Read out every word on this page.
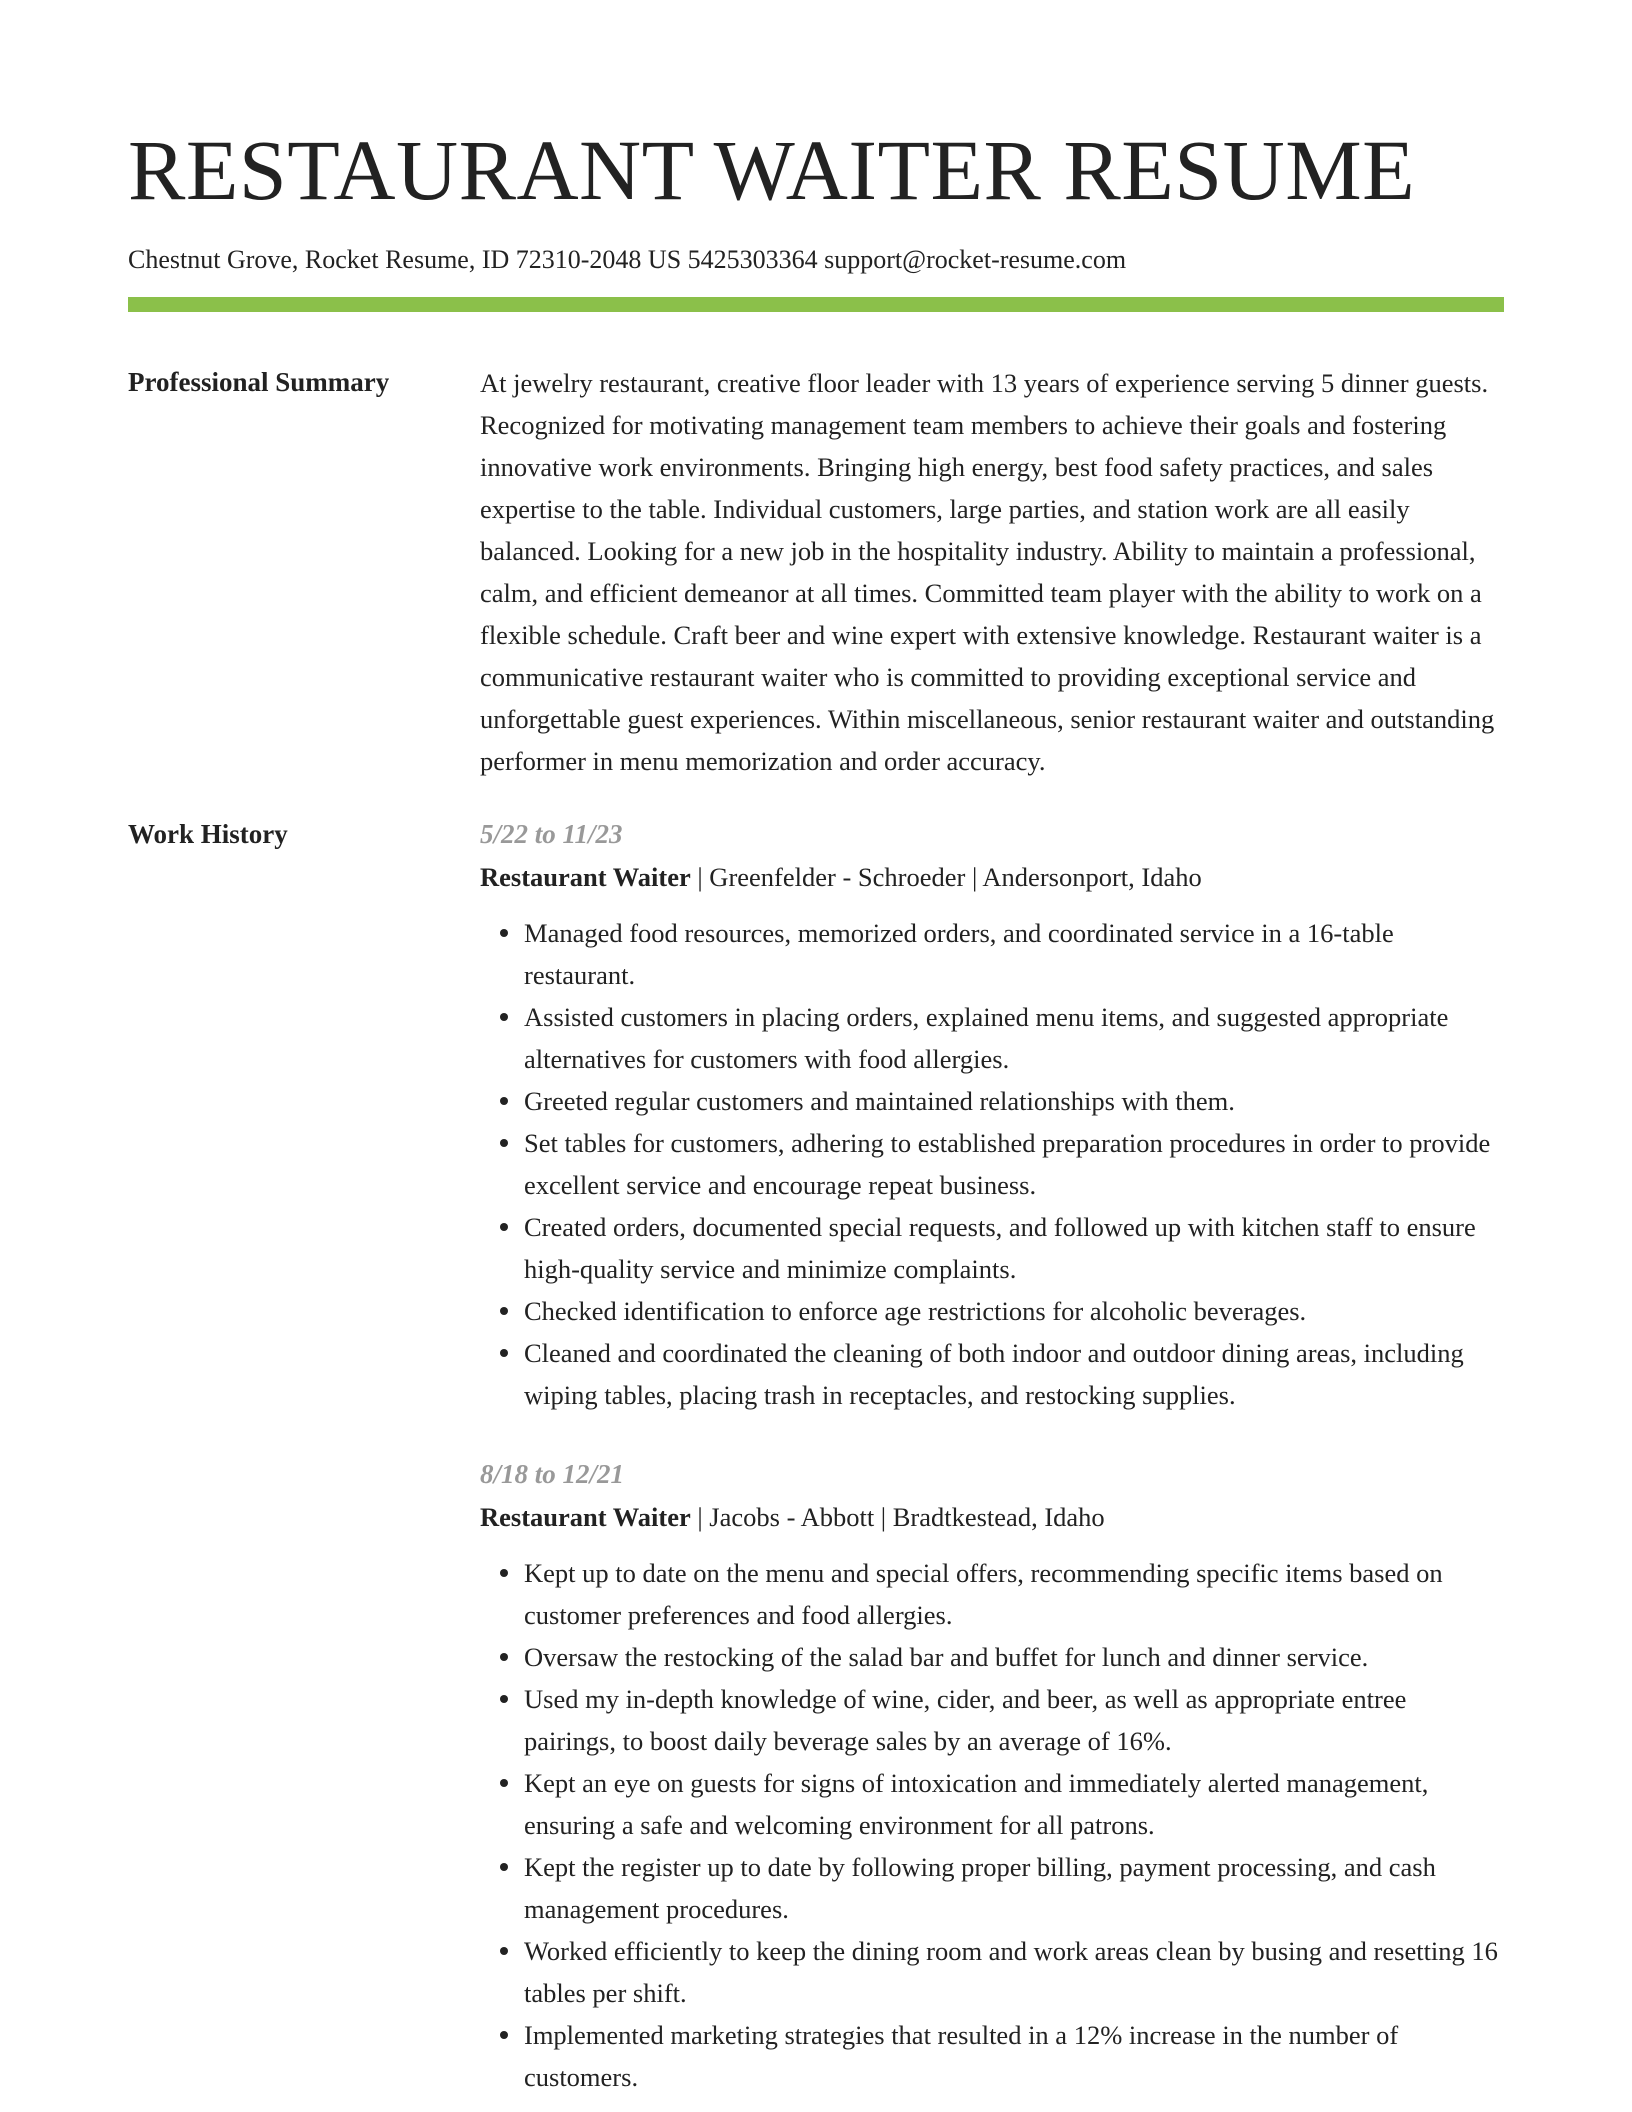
RESTAURANT WAITER RESUME
Chestnut Grove, Rocket Resume, ID 72310-2048 US 5425303364 support@rocket-resume.com
Professional Summary	At jewelry restaurant, creative floor leader with 13 years of experience serving 5 dinner guests. Recognized for motivating management team members to achieve their goals and fostering innovative work environments. Bringing high energy, best food safety practices, and sales expertise to the table. Individual customers, large parties, and station work are all easily balanced. Looking for a new job in the hospitality industry. Ability to maintain a professional, calm, and efficient demeanor at all times. Committed team player with the ability to work on a flexible schedule. Craft beer and wine expert with extensive knowledge. Restaurant waiter is a communicative restaurant waiter who is committed to providing exceptional service and unforgettable guest experiences. Within miscellaneous, senior restaurant waiter and outstanding performer in menu memorization and order accuracy.
Work History	5/22 to 11/23
Restaurant Waiter | Greenfelder - Schroeder | Andersonport, Idaho
Managed food resources, memorized orders, and coordinated service in a 16-table restaurant.
Assisted customers in placing orders, explained menu items, and suggested appropriate alternatives for customers with food allergies.
Greeted regular customers and maintained relationships with them.
Set tables for customers, adhering to established preparation procedures in order to provide excellent service and encourage repeat business.
Created orders, documented special requests, and followed up with kitchen staff to ensure high-quality service and minimize complaints.
Checked identification to enforce age restrictions for alcoholic beverages.
Cleaned and coordinated the cleaning of both indoor and outdoor dining areas, including wiping tables, placing trash in receptacles, and restocking supplies.
8/18 to 12/21
Restaurant Waiter | Jacobs - Abbott | Bradtkestead, Idaho
Kept up to date on the menu and special offers, recommending specific items based on customer preferences and food allergies.
Oversaw the restocking of the salad bar and buffet for lunch and dinner service.
Used my in-depth knowledge of wine, cider, and beer, as well as appropriate entree pairings, to boost daily beverage sales by an average of 16%.
Kept an eye on guests for signs of intoxication and immediately alerted management, ensuring a safe and welcoming environment for all patrons.
Kept the register up to date by following proper billing, payment processing, and cash management procedures.
Worked efficiently to keep the dining room and work areas clean by busing and resetting 16 tables per shift.
Implemented marketing strategies that resulted in a 12% increase in the number of customers.
